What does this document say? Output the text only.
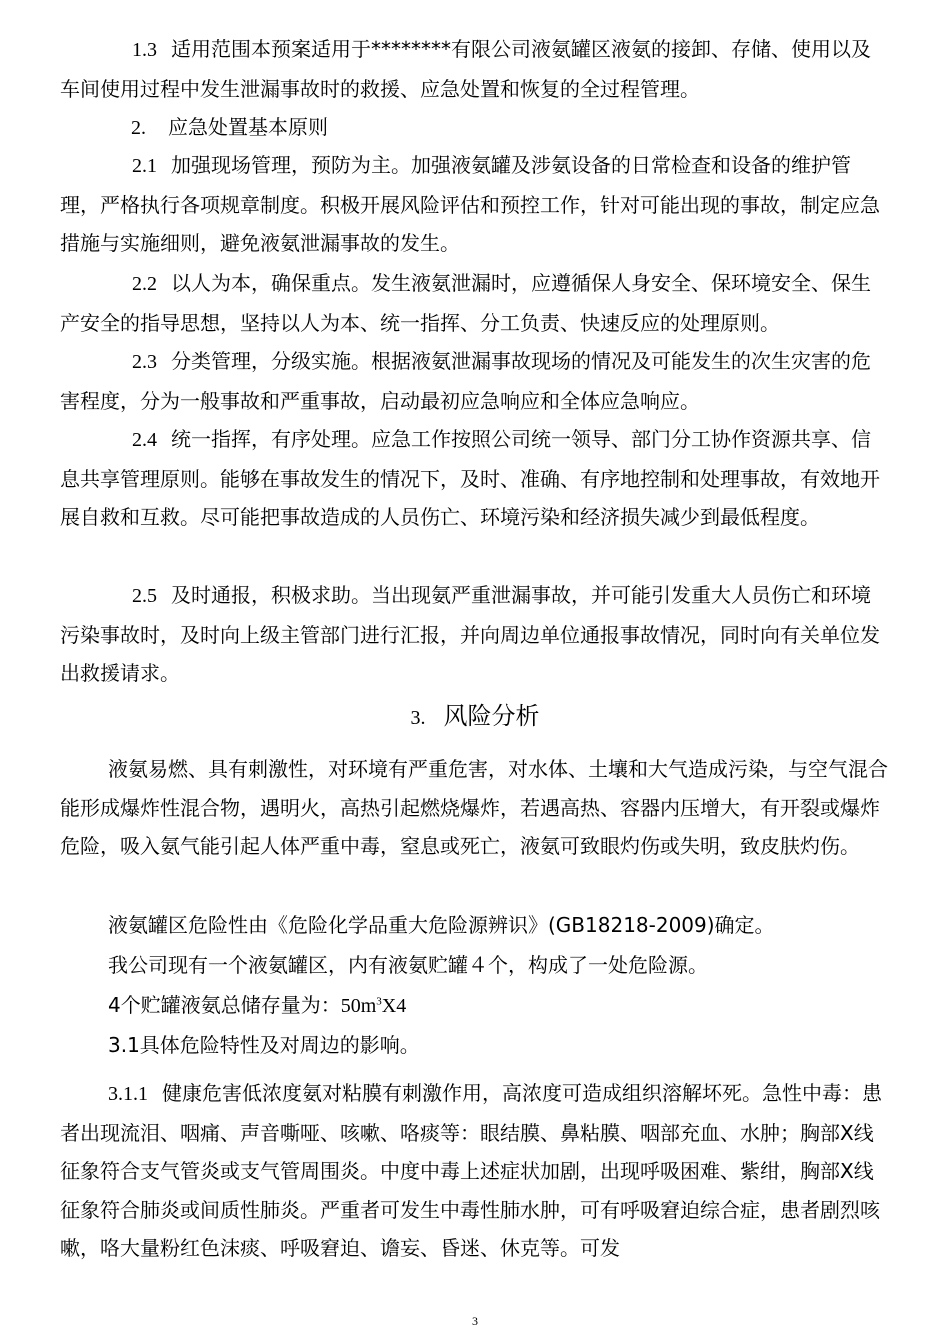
1.3 适用范围本预案适用于********有限公司液氨罐区液氨的接卸、存储、使用以及车间使用过程中发生泄漏事故时的救援、应急处置和恢复的全过程管理。

2. 应急处置基本原则

2.1 加强现场管理，预防为主。加强液氨罐及涉氨设备的日常检查和设备的维护管理，严格执行各项规章制度。积极开展风险评估和预控工作，针对可能出现的事故，制定应急措施与实施细则，避免液氨泄漏事故的发生。

2.2 以人为本，确保重点。发生液氨泄漏时，应遵循保人身安全、保环境安全、保生产安全的指导思想，坚持以人为本、统一指挥、分工负责、快速反应的处理原则。

2.3 分类管理，分级实施。根据液氨泄漏事故现场的情况及可能发生的次生灾害的危害程度，分为一般事故和严重事故，启动最初应急响应和全体应急响应。

2.4 统一指挥，有序处理。应急工作按照公司统一领导、部门分工协作资源共享、信息共享管理原则。能够在事故发生的情况下，及时、准确、有序地控制和处理事故，有效地开展自救和互救。尽可能把事故造成的人员伤亡、环境污染和经济损失减少到最低程度。

2.5 及时通报，积极求助。当出现氨严重泄漏事故，并可能引发重大人员伤亡和环境污染事故时，及时向上级主管部门进行汇报，并向周边单位通报事故情况，同时向有关单位发出救援请求。

3. 风险分析

液氨易燃、具有刺激性，对环境有严重危害，对水体、土壤和大气造成污染，与空气混合能形成爆炸性混合物，遇明火，高热引起燃烧爆炸，若遇高热、容器内压增大，有开裂或爆炸危险，吸入氨气能引起人体严重中毒，窒息或死亡，液氨可致眼灼伤或失明，致皮肤灼伤。

液氨罐区危险性由《危险化学品重大危险源辨识》(GB18218-2009)确定。

我公司现有一个液氨罐区，内有液氨贮罐４个，构成了一处危险源。

4个贮罐液氨总储存量为：$50m^3X4$

3.1具体危险特性及对周边的影响。

3.1.1 健康危害低浓度氨对粘膜有刺激作用，高浓度可造成组织溶解坏死。急性中毒：患者出现流泪、咽痛、声音嘶哑、咳嗽、咯痰等：眼结膜、鼻粘膜、咽部充血、水肿；胸部X线征象符合支气管炎或支气管周围炎。中度中毒上述症状加剧，出现呼吸困难、紫绀，胸部X线征象符合肺炎或间质性肺炎。严重者可发生中毒性肺水肿，可有呼吸窘迫综合症，患者剧烈咳嗽，咯大量粉红色沫痰、呼吸窘迫、谵妄、昏迷、休克等。可发

3
